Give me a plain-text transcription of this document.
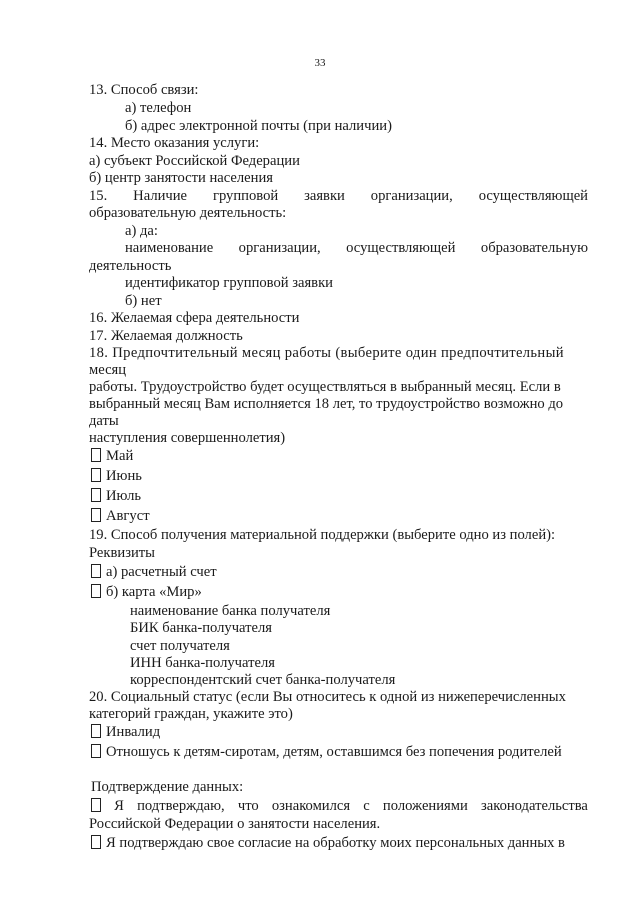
33
13. Способ связи:
а) телефон
б) адрес электронной почты (при наличии)
14. Место оказания услуги:
а) субъект Российской Федерации
б) центр занятости населения
15. Наличие групповой заявки организации, осуществляющей
образовательную деятельность:
а) да:
наименование организации, осуществляющей образовательную
деятельность
идентификатор групповой заявки
б) нет
16. Желаемая сфера деятельности
17. Желаемая должность
18. Предпочтительный месяц работы (выберите один предпочтительный
месяц
работы. Трудоустройство будет осуществляться в выбранный месяц. Если в
выбранный месяц Вам исполняется 18 лет, то трудоустройство возможно до
даты
наступления совершеннолетия)
Май
Июнь
Июль
Август
19. Способ получения материальной поддержки (выберите одно из полей):
Реквизиты
а) расчетный счет
б) карта «Мир»
наименование банка получателя
БИК банка-получателя
счет получателя
ИНН банка-получателя
корреспондентский счет банка-получателя
20. Социальный статус (если Вы относитесь к одной из нижеперечисленных
категорий граждан, укажите это)
Инвалид
Отношусь к детям-сиротам, детям, оставшимся без попечения родителей
Подтверждение данных:
Я подтверждаю, что ознакомился с положениями законодательства
Российской Федерации о занятости населения.
Я подтверждаю свое согласие на обработку моих персональных данных в
